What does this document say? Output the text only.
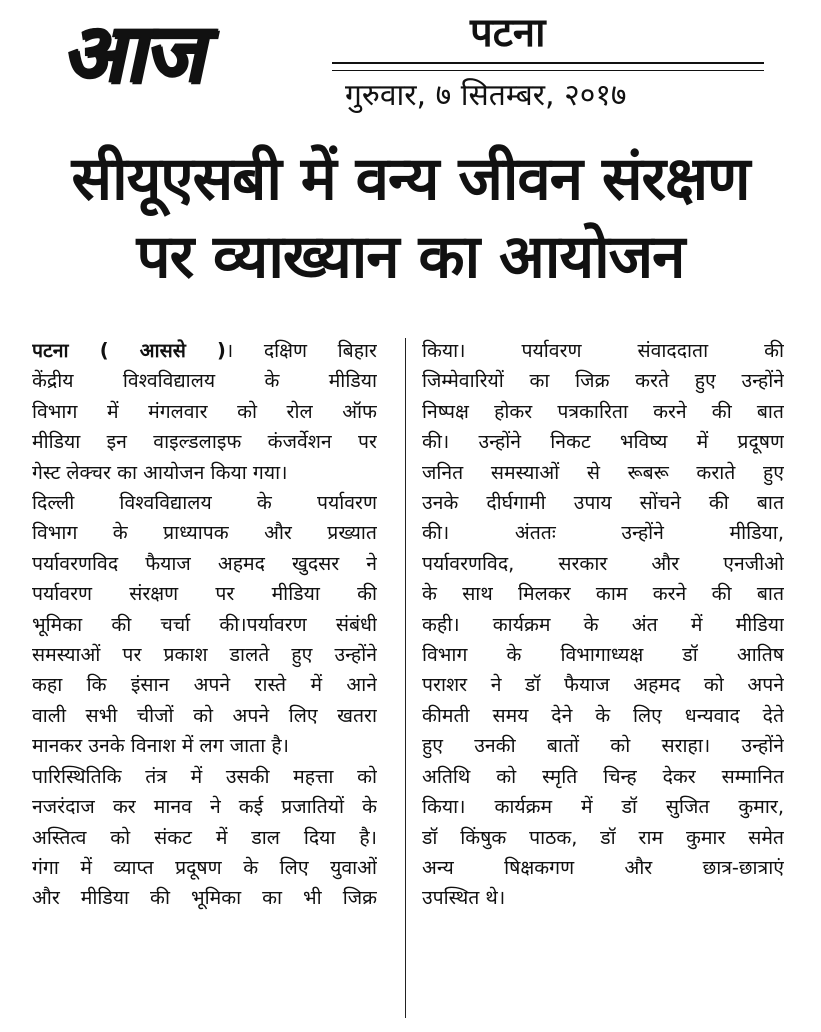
आज	पटना
गुरुवार, ७ सितम्बर, २०१७
सीयूएसबी में वन्य जीवन संरक्षण
पर व्याख्यान का आयोजन
पटना ( आससे )। दक्षिण बिहार
केंद्रीय विश्वविद्यालय के मीडिया
विभाग में मंगलवार को रोल ऑफ
मीडिया इन वाइल्डलाइफ कंजर्वेशन पर
गेस्ट लेक्चर का आयोजन किया गया।
दिल्ली विश्वविद्यालय के पर्यावरण
विभाग के प्राध्यापक और प्रख्यात
पर्यावरणविद फैयाज अहमद खुदसर ने
पर्यावरण संरक्षण पर मीडिया की
भूमिका की चर्चा की।पर्यावरण संबंधी
समस्याओं पर प्रकाश डालते हुए उन्होंने
कहा कि इंसान अपने रास्ते में आने
वाली सभी चीजों को अपने लिए खतरा
मानकर उनके विनाश में लग जाता है।
पारिस्थितिकि तंत्र में उसकी महत्ता को
नजरंदाज कर मानव ने कई प्रजातियों के
अस्तित्व को संकट में डाल दिया है।
गंगा में व्याप्त प्रदूषण के लिए युवाओं
और मीडिया की भूमिका का भी जिक्र
किया। पर्यावरण संवाददाता की
जिम्मेवारियों का जिक्र करते हुए उन्होंने
निष्पक्ष होकर पत्रकारिता करने की बात
की। उन्होंने निकट भविष्य में प्रदूषण
जनित समस्याओं से रूबरू कराते हुए
उनके दीर्घगामी उपाय सोंचने की बात
की। अंततः उन्होंने मीडिया,
पर्यावरणविद, सरकार और एनजीओ
के साथ मिलकर काम करने की बात
कही। कार्यक्रम के अंत में मीडिया
विभाग के विभागाध्यक्ष डॉ आतिष
पराशर ने डॉ फैयाज अहमद को अपने
कीमती समय देने के लिए धन्यवाद देते
हुए उनकी बातों को सराहा। उन्होंने
अतिथि को स्मृति चिन्ह देकर सम्मानित
किया। कार्यक्रम में डॉ सुजित कुमार,
डॉ किंषुक पाठक, डॉ राम कुमार समेत
अन्य षिक्षकगण और छात्र-छात्राएं
उपस्थित थे।
